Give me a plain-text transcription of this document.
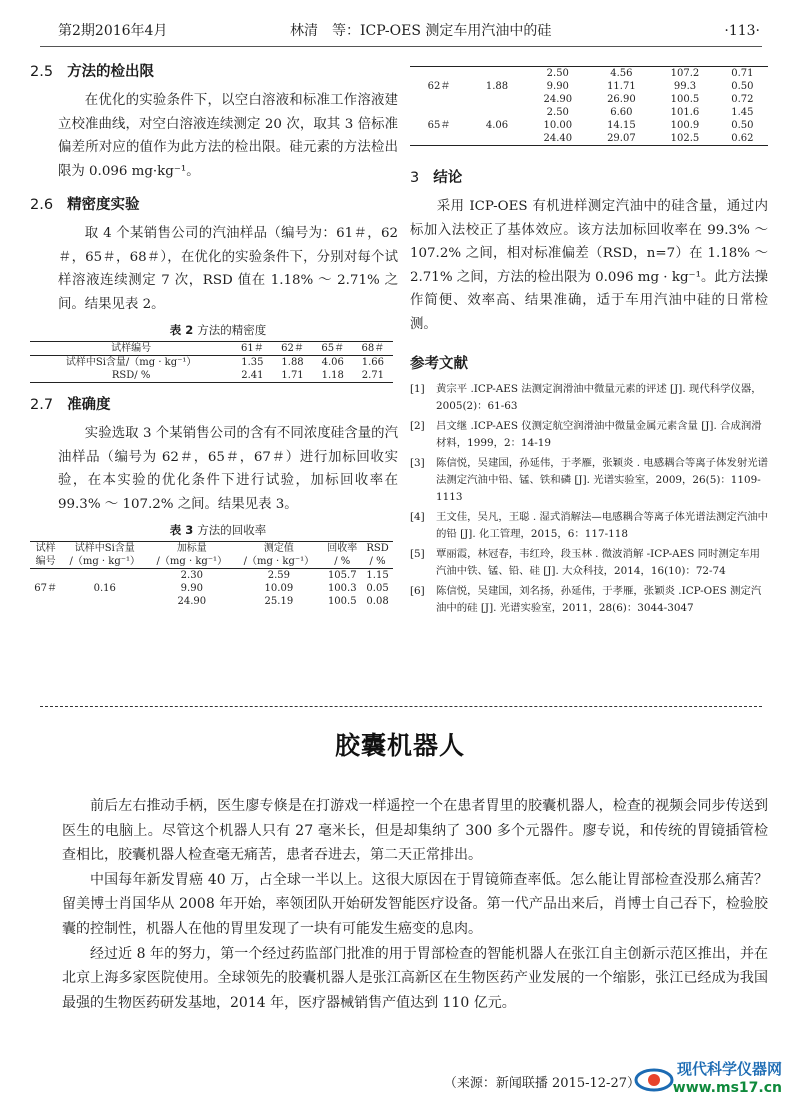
第2期2016年4月	林清　等：ICP-OES 测定车用汽油中的硅	·113·
2.5 方法的检出限

在优化的实验条件下，以空白溶液和标准工作溶液建立校准曲线，对空白溶液连续测定 20 次，取其 3 倍标准偏差所对应的值作为此方法的检出限。硅元素的方法检出限为 0.096 mg·kg⁻¹。

2.6 精密度实验

取 4 个某销售公司的汽油样品（编号为：61＃，62＃，65＃，68＃），在优化的实验条件下，分别对每个试样溶液连续测定 7 次，RSD 值在 1.18% ～ 2.71% 之间。结果见表 2。

表 2 方法的精密度
试样编号	61＃	62＃	65＃	68＃
试样中Si含量/（mg · kg⁻¹）	1.35	1.88	4.06	1.66
RSD/ %	2.41	1.71	1.18	2.71
2.7 准确度

实验选取 3 个某销售公司的含有不同浓度硅含量的汽油样品（编号为 62＃，65＃，67＃）进行加标回收实验，在本实验的优化条件下进行试验，加标回收率在 99.3% ～ 107.2% 之间。结果见表 3。

表 3 方法的回收率
试样	试样中Si含量	加标量	测定值	回收率	RSD
编号	/（mg · kg⁻¹）	/（mg · kg⁻¹）	/（mg · kg⁻¹）	/ %	/ %
		2.30	2.59	105.7	1.15
67＃	0.16	9.90	10.09	100.3	0.05
		24.90	25.19	100.5	0.08
		2.50	4.56	107.2	0.71
62＃	1.88	9.90	11.71	99.3	0.50
		24.90	26.90	100.5	0.72
		2.50	6.60	101.6	1.45
65＃	4.06	10.00	14.15	100.9	0.50
		24.40	29.07	102.5	0.62
3 结论

采用 ICP-OES 有机进样测定汽油中的硅含量，通过内标加入法校正了基体效应。该方法加标回收率在 99.3% ～ 107.2% 之间，相对标准偏差（RSD，n=7）在 1.18% ～ 2.71% 之间，方法的检出限为 0.096 mg · kg⁻¹。此方法操作简便、效率高、结果准确，适于车用汽油中硅的日常检测。

参考文献
[1]	黄宗平 .ICP-AES 法测定润滑油中微量元素的评述 [J]. 现代科学仪器，2005(2)：61-63
[2]	吕文继 .ICP-AES 仪测定航空润滑油中微量金属元素含量 [J]. 合成润滑材料，1999，2：14-19
[3]	陈信悦，吴建国，孙延伟，于孝雁，张颖炎 . 电感耦合等离子体发射光谱法测定汽油中铅、锰、铁和磷 [J]. 光谱实验室，2009，26(5)：1109-1113
[4]	王文佳，吴凡，王聪 . 湿式消解法—电感耦合等离子体光谱法测定汽油中的铅 [J]. 化工管理，2015，6：117-118
[5]	覃丽霞，林冠春，韦红玲，段玉林 . 微波消解 -ICP-AES 同时测定车用汽油中铁、锰、铅、硅 [J]. 大众科技，2014，16(10)：72-74
[6]	陈信悦，吴建国，刘名扬，孙延伟，于孝雁，张颖炎 .ICP-OES 测定汽油中的硅 [J]. 光谱实验室，2011，28(6)：3044-3047
胶囊机器人

前后左右推动手柄，医生廖专倏是在打游戏一样遥控一个在患者胃里的胶囊机器人，检查的视频会同步传送到医生的电脑上。尽管这个机器人只有 27 毫米长，但是却集纳了 300 多个元器件。廖专说，和传统的胃镜插管检查相比，胶囊机器人检查毫无痛苦，患者吞进去，第二天正常排出。

中国每年新发胃癌 40 万，占全球一半以上。这很大原因在于胃镜筛查率低。怎么能让胃部检查没那么痛苦？留美博士肖国华从 2008 年开始，率领团队开始研发智能医疗设备。第一代产品出来后，肖博士自己吞下，检验胶囊的控制性，机器人在他的胃里发现了一块有可能发生癌变的息肉。

经过近 8 年的努力，第一个经过药监部门批准的用于胃部检查的智能机器人在张江自主创新示范区推出，并在北京上海多家医院使用。全球领先的胶囊机器人是张江高新区在生物医药产业发展的一个缩影，张江已经成为我国最强的生物医药研发基地，2014 年，医疗器械销售产值达到 110 亿元。

（来源：新闻联播 2015-12-27）
现代科学仪器网
www.ms17.cn
